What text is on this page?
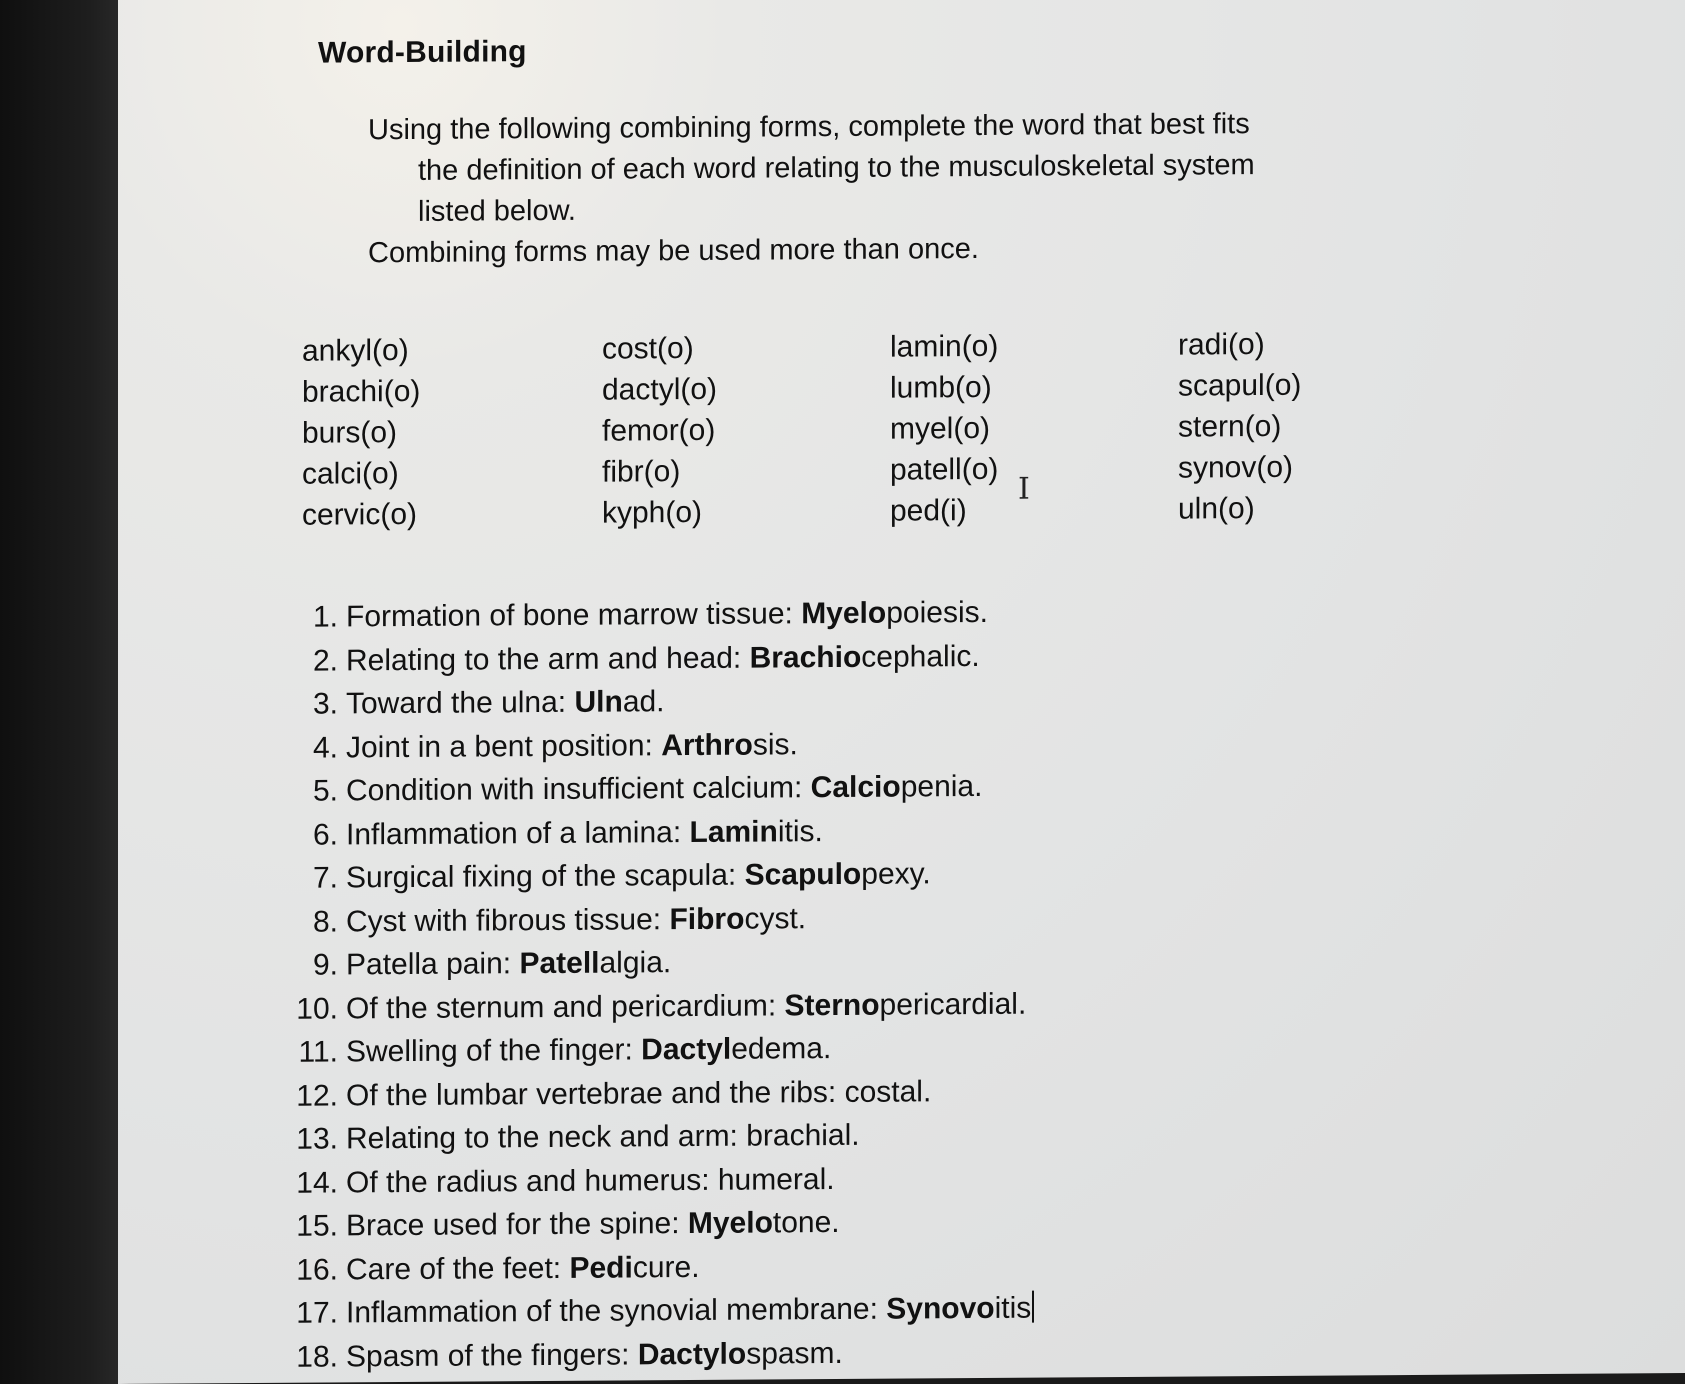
Word-Building
Using the following combining forms, complete the word that best fits
the definition of each word relating to the musculoskeletal system
listed below.
Combining forms may be used more than once.
ankyl(o)
brachi(o)
burs(o)
calci(o)
cervic(o)
cost(o)
dactyl(o)
femor(o)
fibr(o)
kyph(o)
lamin(o)
lumb(o)
myel(o)
patell(o)
ped(i)
radi(o)
scapul(o)
stern(o)
synov(o)
uln(o)
I
1. Formation of bone marrow tissue: Myelopoiesis.
2. Relating to the arm and head: Brachiocephalic.
3. Toward the ulna: Ulnad.
4. Joint in a bent position: Arthrosis.
5. Condition with insufficient calcium: Calciopenia.
6. Inflammation of a lamina: Laminitis.
7. Surgical fixing of the scapula: Scapulopexy.
8. Cyst with fibrous tissue: Fibrocyst.
9. Patella pain: Patellalgia.
10. Of the sternum and pericardium: Sternopericardial.
11. Swelling of the finger: Dactyledema.
12. Of the lumbar vertebrae and the ribs: costal.
13. Relating to the neck and arm: brachial.
14. Of the radius and humerus: humeral.
15. Brace used for the spine: Myelotone.
16. Care of the feet: Pedicure.
17. Inflammation of the synovial membrane: Synovoitis
18. Spasm of the fingers: Dactylospasm.
